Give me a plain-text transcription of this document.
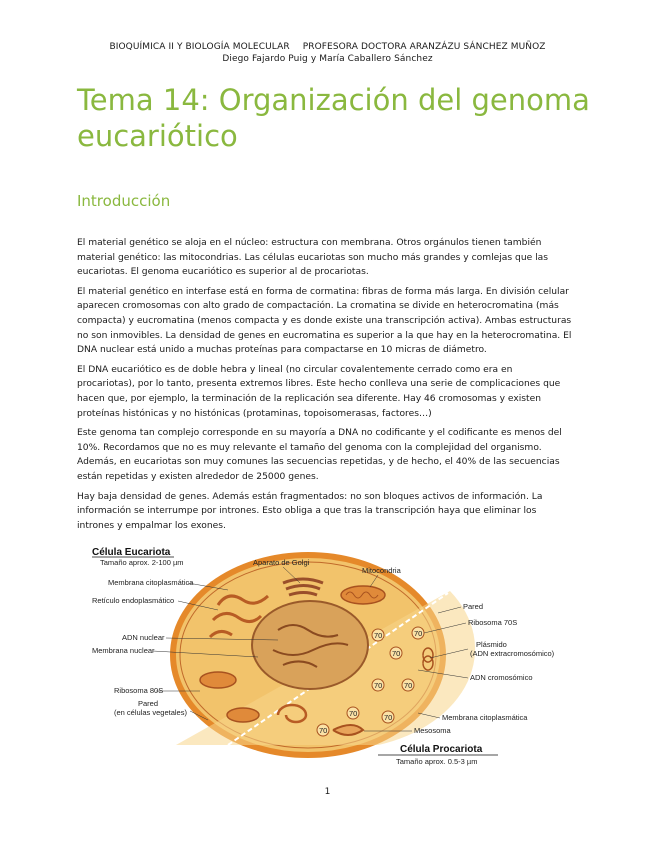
BIOQUÍMICA II Y BIOLOGÍA MOLECULAR PROFESORA DOCTORA ARANZÁZU SÁNCHEZ MUÑOZ
Diego Fajardo Puig y María Caballero Sánchez
Tema 14: Organización del genoma eucariótico
Introducción

El material genético se aloja en el núcleo: estructura con membrana. Otros orgánulos tienen también material genético: las mitocondrias. Las células eucariotas son mucho más grandes y comlejas que las eucariotas. El genoma eucariótico es superior al de procariotas.

El material genético en interfase está en forma de cormatina: fibras de forma más larga. En división celular aparecen cromosomas con alto grado de compactación. La cromatina se divide en heterocromatina (más compacta) y eucromatina (menos compacta y es donde existe una transcripción activa). Ambas estructuras no son inmovibles. La densidad de genes en eucromatina es superior a la que hay en la heterocromatina. El DNA nuclear está unido a muchas proteínas para compactarse en 10 micras de diámetro.

El DNA eucariótico es de doble hebra y lineal (no circular covalentemente cerrado como era en procariotas), por lo tanto, presenta extremos libres. Este hecho conlleva una serie de complicaciones que hacen que, por ejemplo, la terminación de la replicación sea diferente. Hay 46 cromosomas y existen proteínas histónicas y no histónicas (protaminas, topoisomerasas, factores…)

Este genoma tan complejo corresponde en su mayoría a DNA no codificante y el codificante es menos del 10%. Recordamos que no es muy relevante el tamaño del genoma con la complejidad del organismo. Además, en eucariotas son muy comunes las secuencias repetidas, y de hecho, el 40% de las secuencias están repetidas y existen alrededor de 25000 genes.

Hay baja densidad de genes. Además están fragmentados: no son bloques activos de información. La información se interrumpe por intrones. Esto obliga a que tras la transcripción haya que eliminar los intrones y empalmar los exones.

Célula Eucariota
Tamaño aprox. 2-100 µm
70
70
70	70
70	70
70
70
Membrana citoplasmática
Retículo endoplasmático
ADN nuclear
Membrana nuclear
Ribosoma 80S
Pared
(en células vegetales)
Aparato de Golgi
Mitocondria
Pared
Ribosoma 70S
Plásmido
(ADN extracromosómico)
ADN cromosómico
Membrana citoplasmática
Mesosoma
Célula Procariota
Tamaño aprox. 0.5-3 µm
1
